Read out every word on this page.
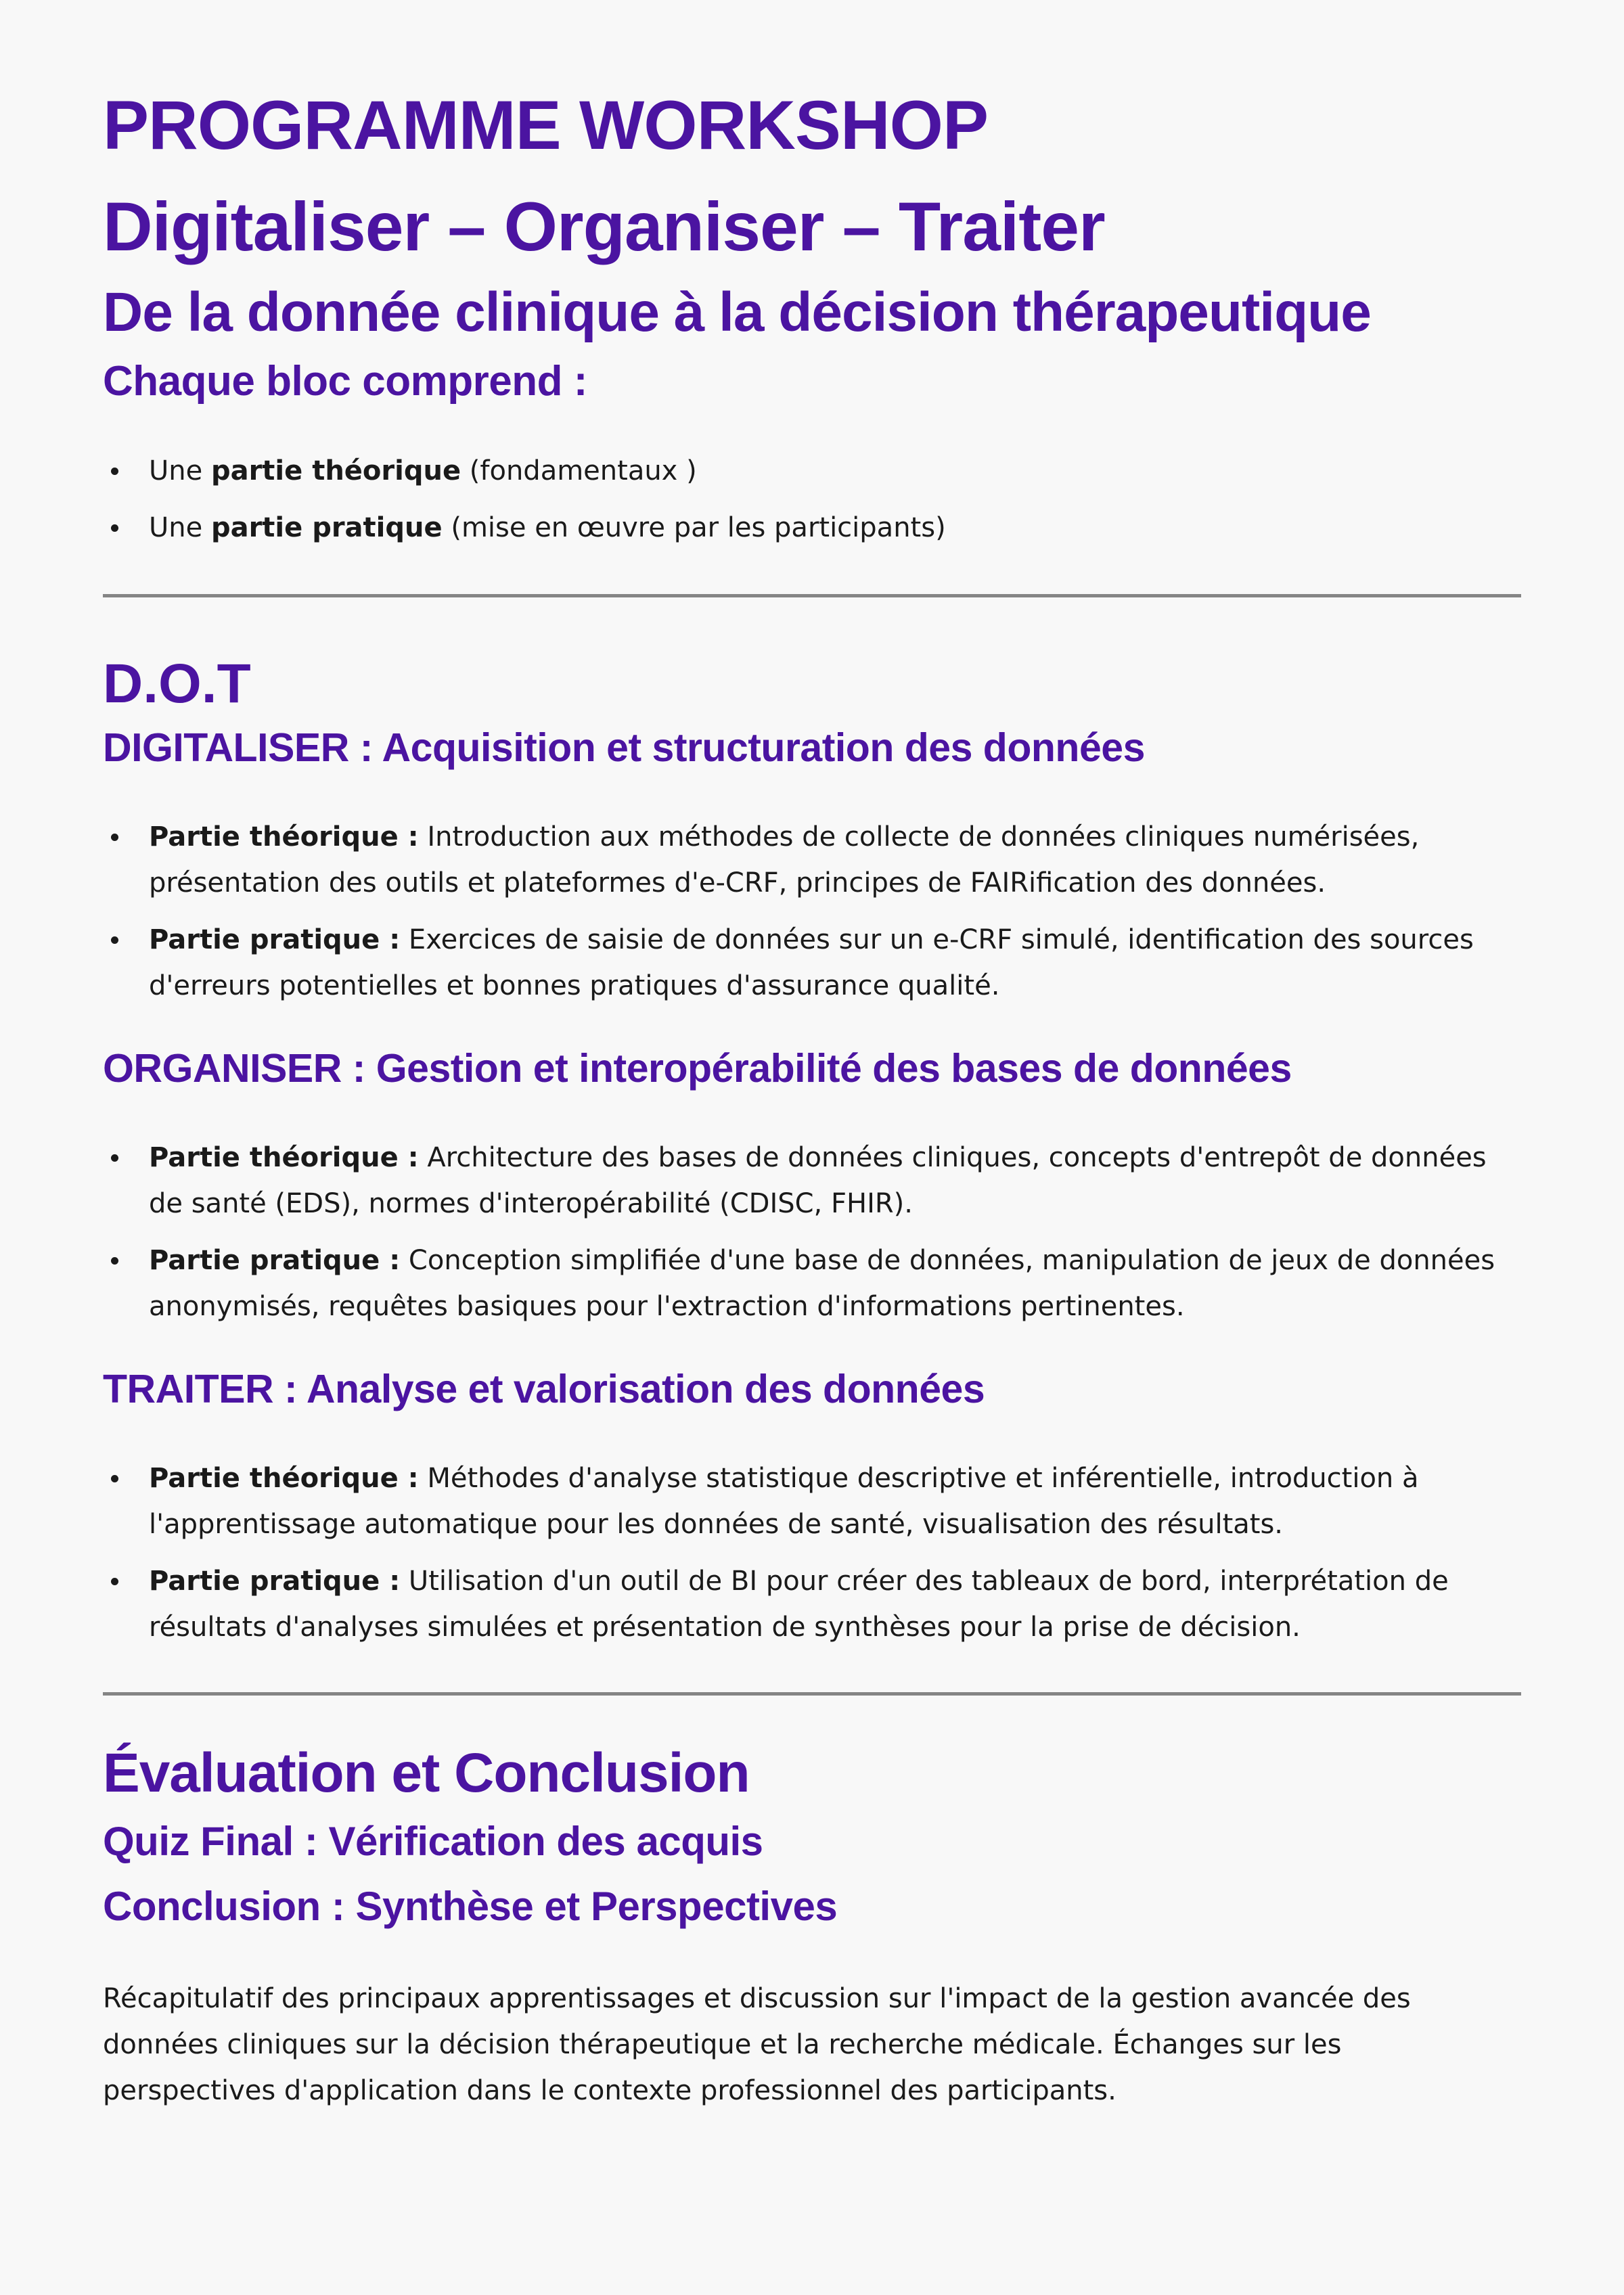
PROGRAMME WORKSHOP
Digitaliser – Organiser – Traiter
De la donnée clinique à la décision thérapeutique
Chaque bloc comprend :
Une partie théorique (fondamentaux )
Une partie pratique (mise en œuvre par les participants)
D.O.T
DIGITALISER : Acquisition et structuration des données
Partie théorique : Introduction aux méthodes de collecte de données cliniques numérisées,
présentation des outils et plateformes d'e-CRF, principes de FAIRification des données.
Partie pratique : Exercices de saisie de données sur un e-CRF simulé, identification des sources
d'erreurs potentielles et bonnes pratiques d'assurance qualité.
ORGANISER : Gestion et interopérabilité des bases de données
Partie théorique : Architecture des bases de données cliniques, concepts d'entrepôt de données
de santé (EDS), normes d'interopérabilité (CDISC, FHIR).
Partie pratique : Conception simplifiée d'une base de données, manipulation de jeux de données
anonymisés, requêtes basiques pour l'extraction d'informations pertinentes.
TRAITER : Analyse et valorisation des données
Partie théorique : Méthodes d'analyse statistique descriptive et inférentielle, introduction à
l'apprentissage automatique pour les données de santé, visualisation des résultats.
Partie pratique : Utilisation d'un outil de BI pour créer des tableaux de bord, interprétation de
résultats d'analyses simulées et présentation de synthèses pour la prise de décision.
Évaluation et Conclusion
Quiz Final : Vérification des acquis
Conclusion : Synthèse et Perspectives

Récapitulatif des principaux apprentissages et discussion sur l'impact de la gestion avancée des
données cliniques sur la décision thérapeutique et la recherche médicale. Échanges sur les
perspectives d'application dans le contexte professionnel des participants.
